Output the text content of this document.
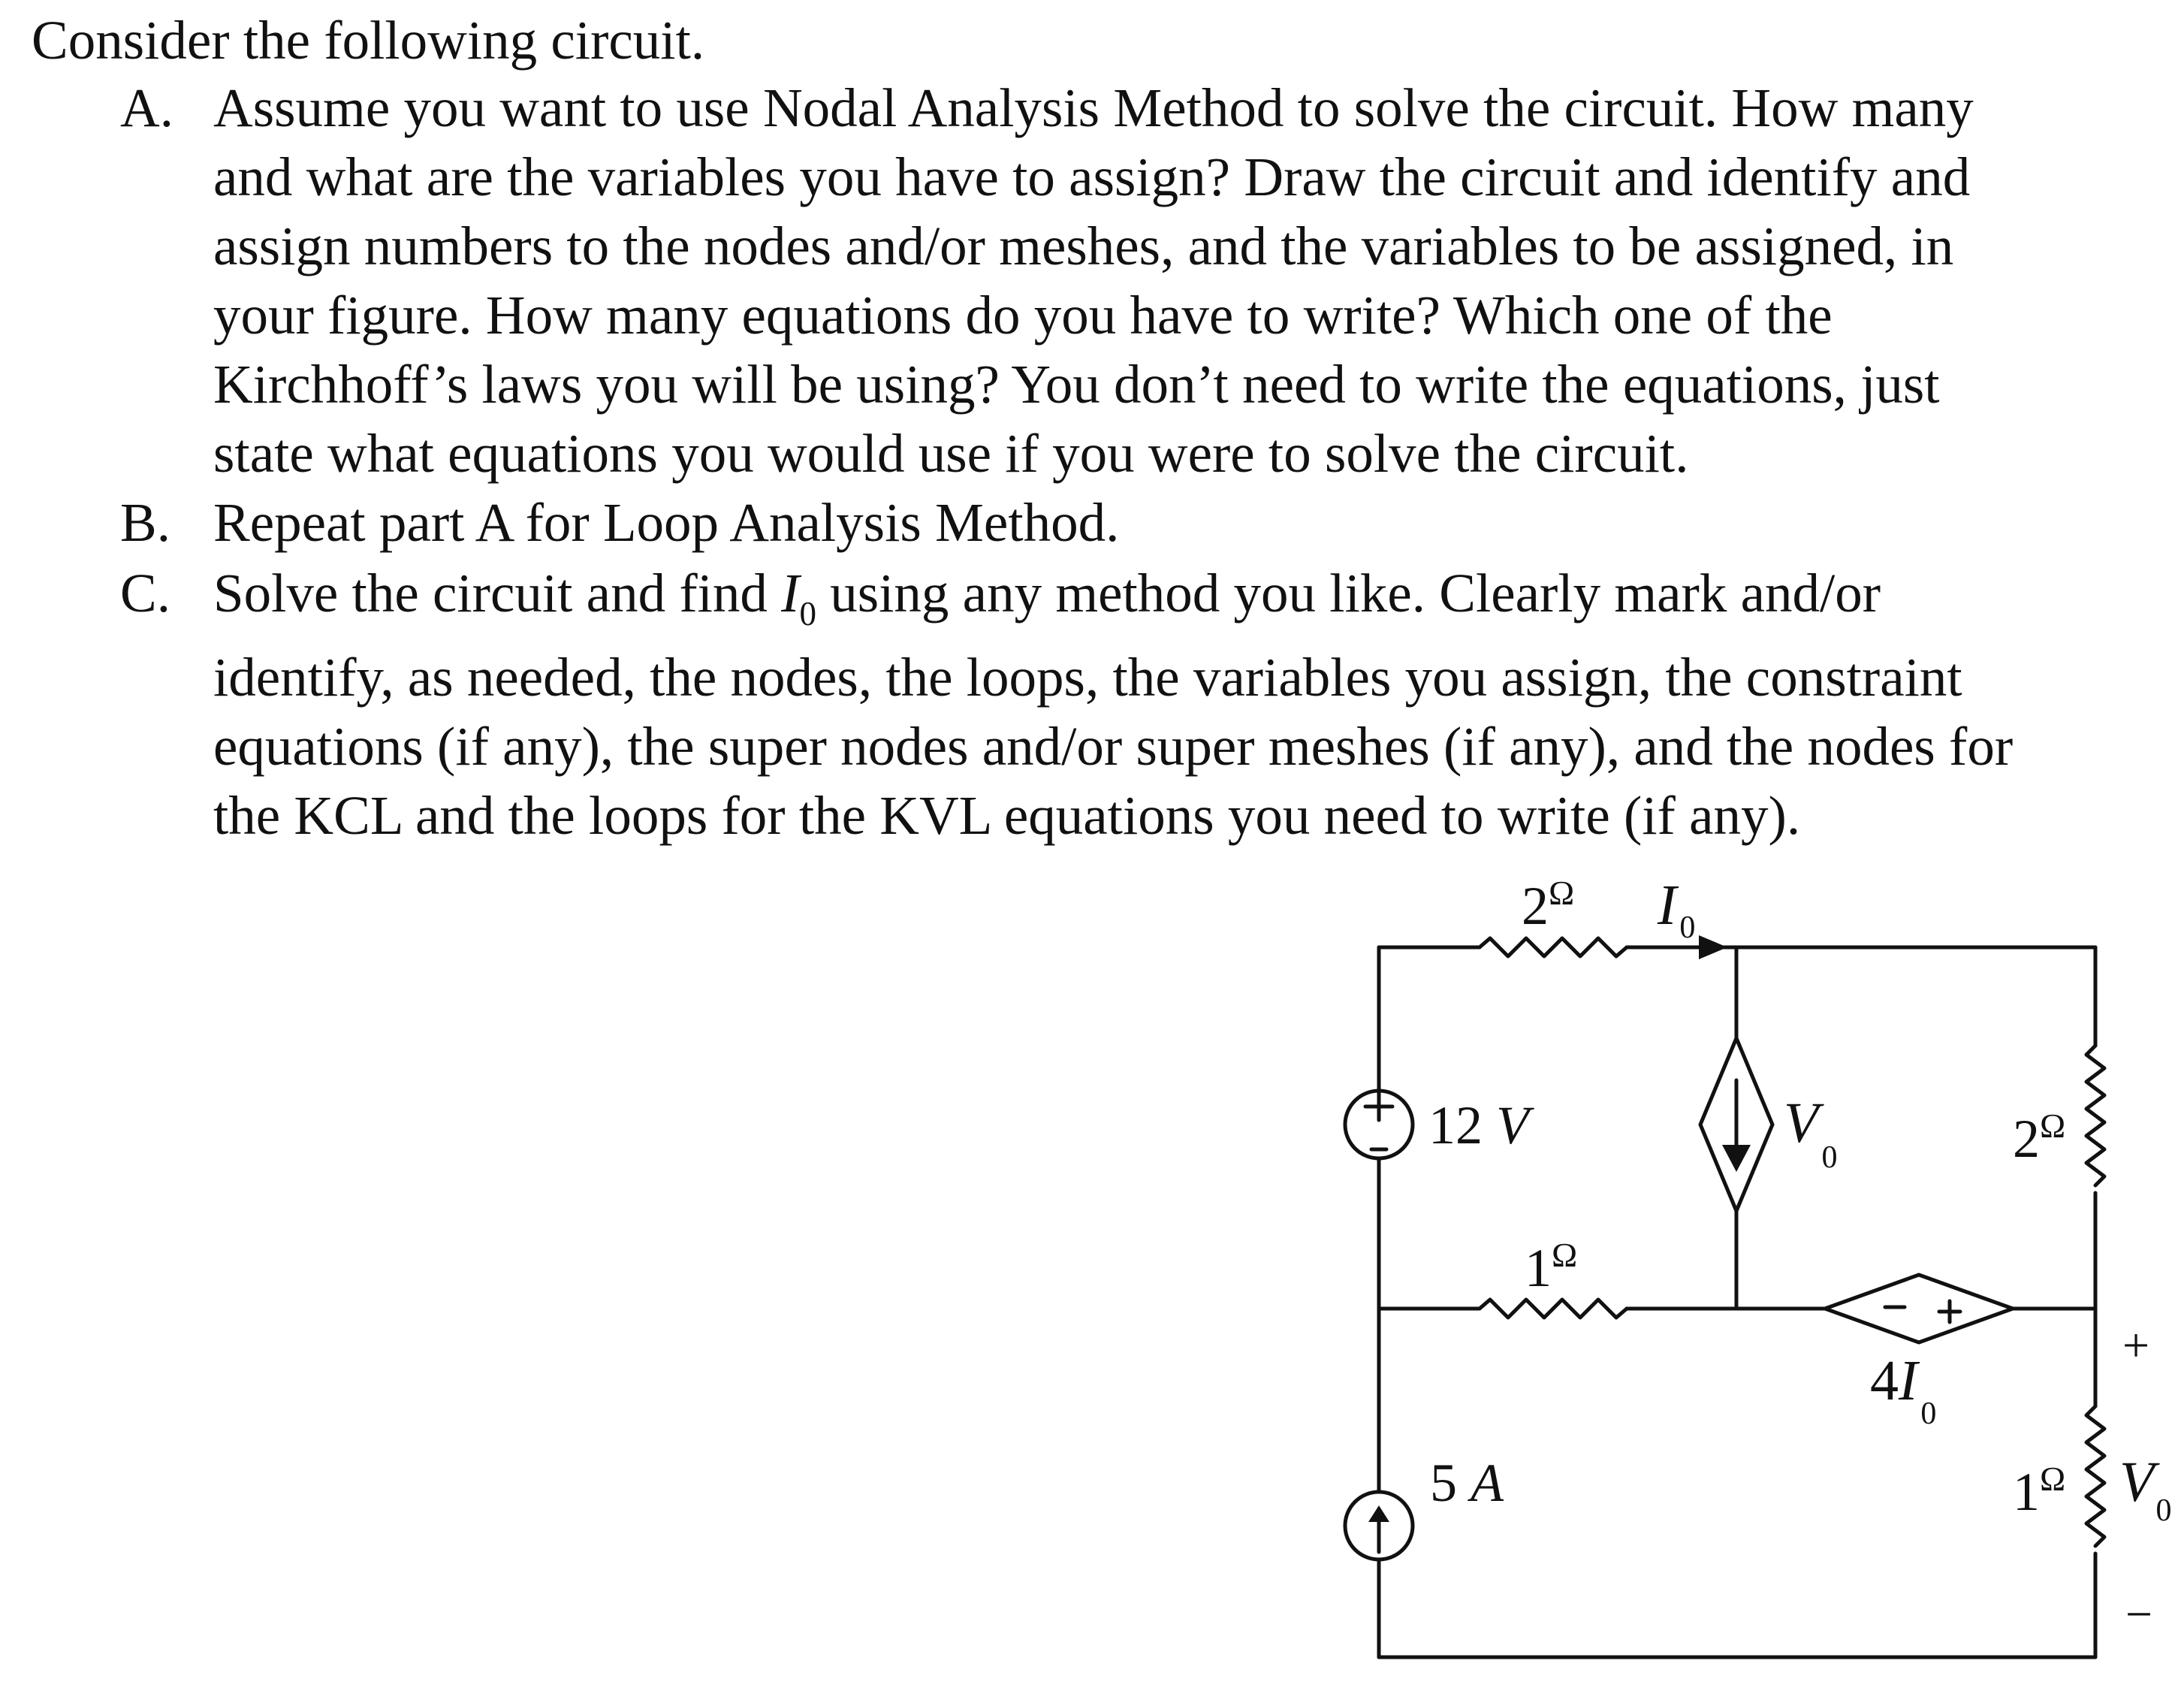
Consider the following circuit.
A. Assume you want to use Nodal Analysis Method to solve the circuit. How many
and what are the variables you have to assign? Draw the circuit and identify and
assign numbers to the nodes and/or meshes, and the variables to be assigned, in
your figure. How many equations do you have to write? Which one of the
Kirchhoff’s laws you will be using? You don’t need to write the equations, just
state what equations you would use if you were to solve the circuit.
B. Repeat part A for Loop Analysis Method.
C. Solve the circuit and find $I_0$ using any method you like. Clearly mark and/or
identify, as needed, the nodes, the loops, the variables you assign, the constraint
equations (if any), the super nodes and/or super meshes (if any), and the nodes for
the KCL and the loops for the KVL equations you need to write (if any).
$2^\Omega$ $I_0$
12 V
$1^\Omega$
5 A
$V_0$
$4I_0$
$2^\Omega$
$1^\Omega$
+
$V_0$
−
